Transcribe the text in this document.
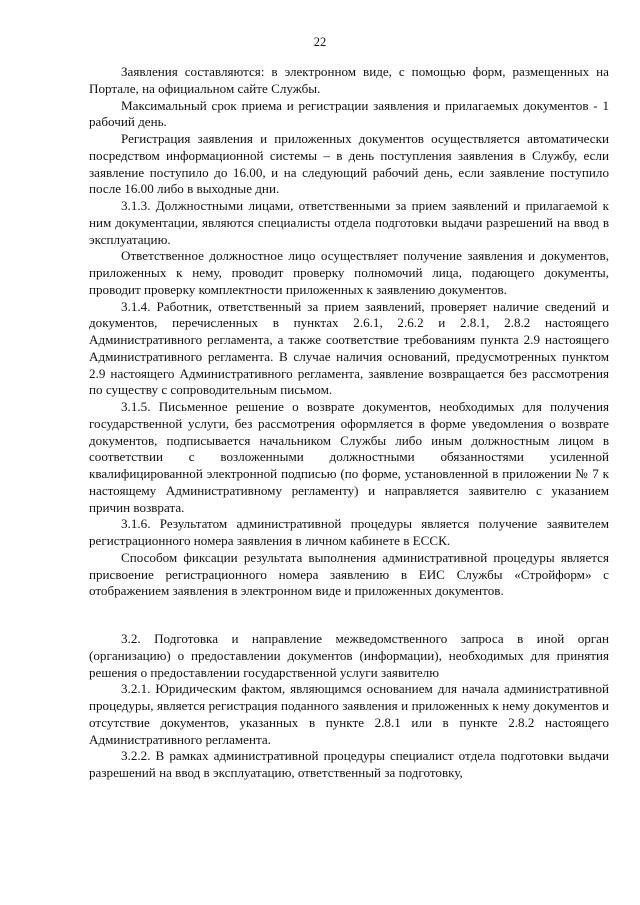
22

Заявления составляются: в электронном виде, с помощью форм, размещенных на Портале, на официальном сайте Службы.

Максимальный срок приема и регистрации заявления и прилагаемых документов - 1 рабочий день.

Регистрация заявления и приложенных документов осуществляется автоматически посредством информационной системы – в день поступления заявления в Службу, если заявление поступило до 16.00, и на следующий рабочий день, если заявление поступило после 16.00 либо в выходные дни.

3.1.3. Должностными лицами, ответственными за прием заявлений и прилагаемой к ним документации, являются специалисты отдела подготовки выдачи разрешений на ввод в эксплуатацию.

Ответственное должностное лицо осуществляет получение заявления и документов, приложенных к нему, проводит проверку полномочий лица, подающего документы, проводит проверку комплектности приложенных к заявлению документов.

3.1.4. Работник, ответственный за прием заявлений, проверяет наличие сведений и документов, перечисленных в пунктах 2.6.1, 2.6.2 и 2.8.1, 2.8.2 настоящего Административного регламента, а также соответствие требованиям пункта 2.9 настоящего Административного регламента. В случае наличия оснований, предусмотренных пунктом 2.9 настоящего Административного регламента, заявление возвращается без рассмотрения по существу с сопроводительным письмом.

3.1.5. Письменное решение о возврате документов, необходимых для получения государственной услуги, без рассмотрения оформляется в форме уведомления о возврате документов, подписывается начальником Службы либо иным должностным лицом в соответствии с возложенными должностными обязанностями усиленной квалифицированной электронной подписью (по форме, установленной в приложении № 7 к настоящему Административному регламенту) и направляется заявителю с указанием причин возврата.

3.1.6. Результатом административной процедуры является получение заявителем регистрационного номера заявления в личном кабинете в ЕССК.

Способом фиксации результата выполнения административной процедуры является присвоение регистрационного номера заявлению в ЕИС Службы «Стройформ» с отображением заявления в электронном виде и приложенных документов.

3.2. Подготовка и направление межведомственного запроса в иной орган (организацию) о предоставлении документов (информации), необходимых для принятия решения о предоставлении государственной услуги заявителю

3.2.1. Юридическим фактом, являющимся основанием для начала административной процедуры, является регистрация поданного заявления и приложенных к нему документов и отсутствие документов, указанных в пункте 2.8.1 или в пункте 2.8.2 настоящего Административного регламента.

3.2.2. В рамках административной процедуры специалист отдела подготовки выдачи разрешений на ввод в эксплуатацию, ответственный за подготовку,
